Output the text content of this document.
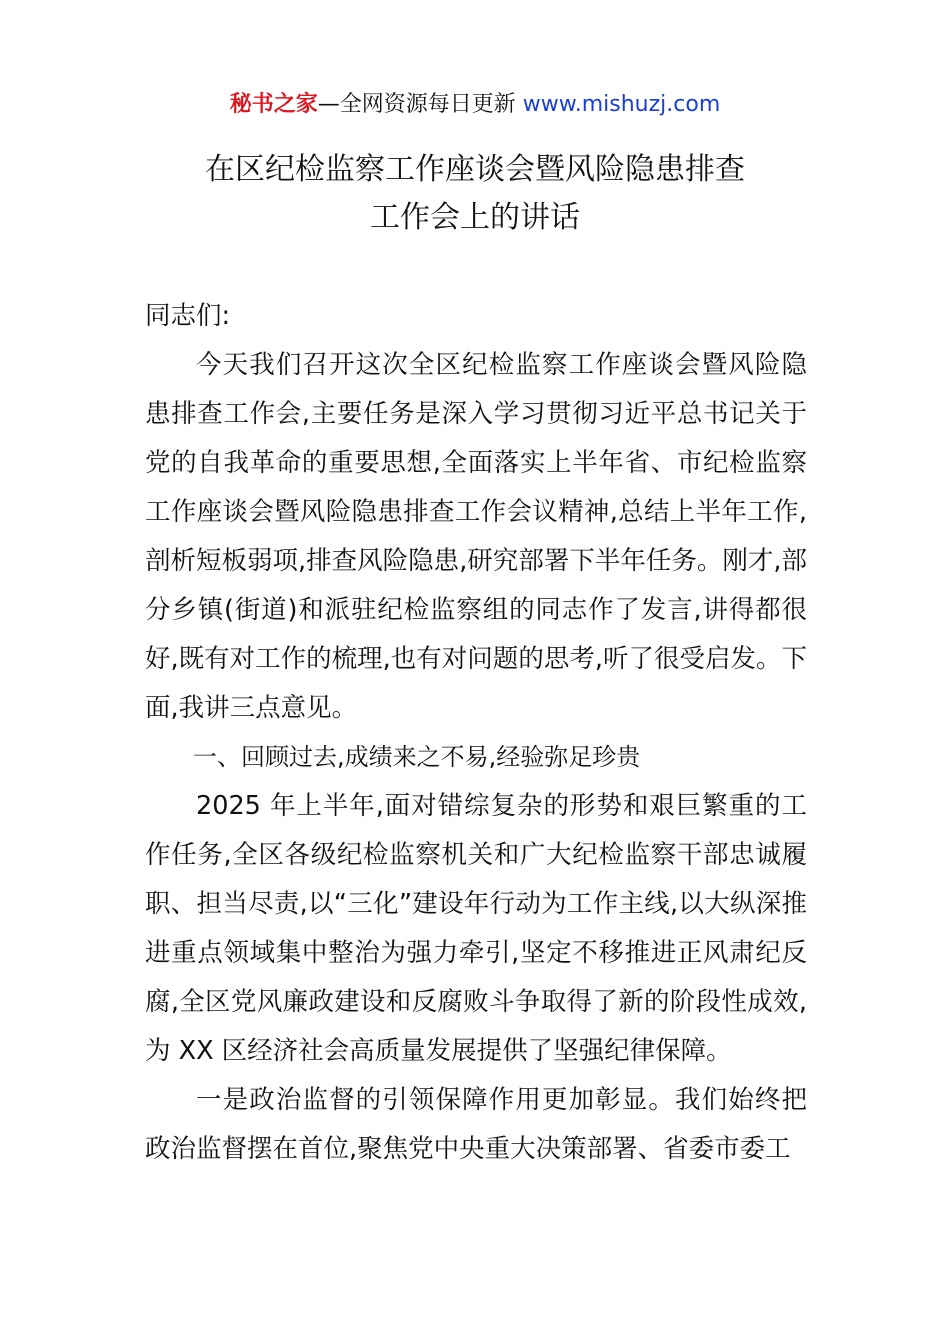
秘书之家—全网资源每日更新 www.mishuzj.com
在区纪检监察工作座谈会暨风险隐患排查
工作会上的讲话

同志们:

今天我们召开这次全区纪检监察工作座谈会暨风险隐患排查工作会,主要任务是深入学习贯彻习近平总书记关于党的自我革命的重要思想,全面落实上半年省、市纪检监察工作座谈会暨风险隐患排查工作会议精神,总结上半年工作,剖析短板弱项,排查风险隐患,研究部署下半年任务。刚才,部分乡镇(街道)和派驻纪检监察组的同志作了发言,讲得都很好,既有对工作的梳理,也有对问题的思考,听了很受启发。下面,我讲三点意见。

一、回顾过去,成绩来之不易,经验弥足珍贵

2025 年上半年,面对错综复杂的形势和艰巨繁重的工作任务,全区各级纪检监察机关和广大纪检监察干部忠诚履职、担当尽责,以“三化”建设年行动为工作主线,以大纵深推进重点领域集中整治为强力牵引,坚定不移推进正风肃纪反腐,全区党风廉政建设和反腐败斗争取得了新的阶段性成效,为 XX 区经济社会高质量发展提供了坚强纪律保障。

一是政治监督的引领保障作用更加彰显。我们始终把政治监督摆在首位,聚焦党中央重大决策部署、省委市委工
